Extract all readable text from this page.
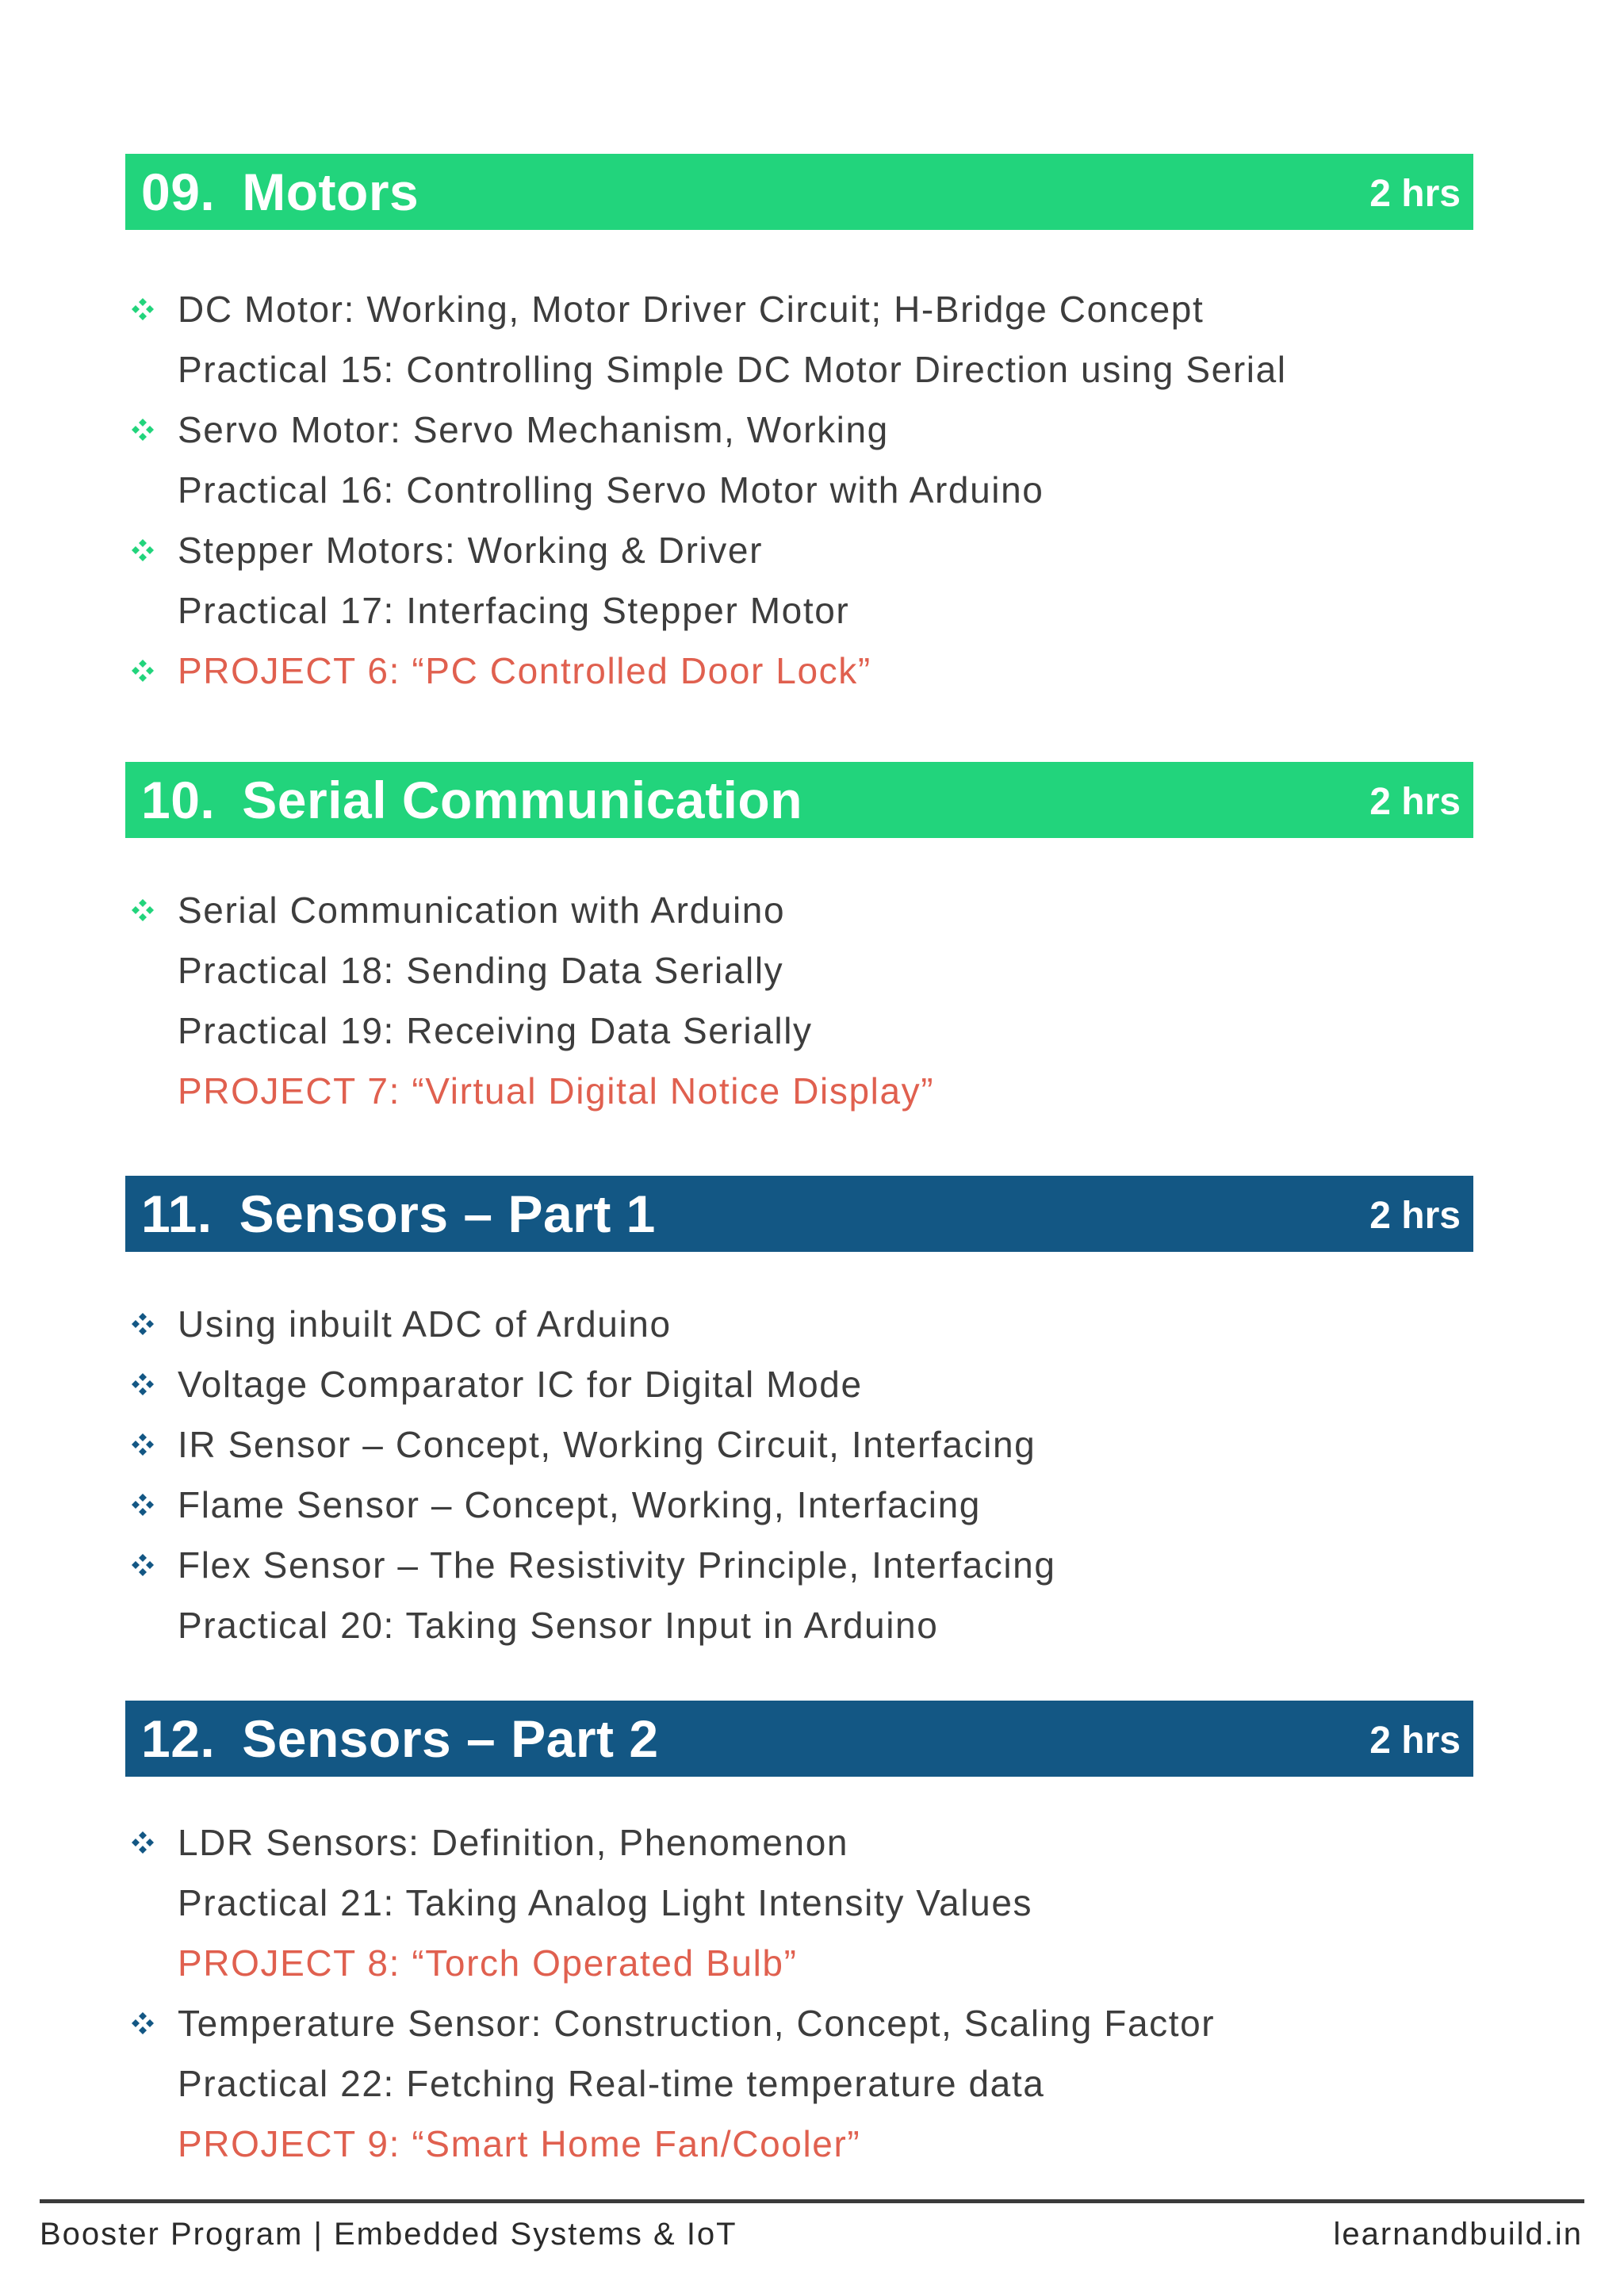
09. Motors	2 hrs
DC Motor: Working, Motor Driver Circuit; H-Bridge Concept
Practical 15: Controlling Simple DC Motor Direction using Serial
Servo Motor: Servo Mechanism, Working
Practical 16: Controlling Servo Motor with Arduino
Stepper Motors: Working & Driver
Practical 17: Interfacing Stepper Motor
PROJECT 6: “PC Controlled Door Lock”
10. Serial Communication	2 hrs
Serial Communication with Arduino
Practical 18: Sending Data Serially
Practical 19: Receiving Data Serially
PROJECT 7: “Virtual Digital Notice Display”
11. Sensors – Part 1	2 hrs
Using inbuilt ADC of Arduino
Voltage Comparator IC for Digital Mode
IR Sensor – Concept, Working Circuit, Interfacing
Flame Sensor – Concept, Working, Interfacing
Flex Sensor – The Resistivity Principle, Interfacing
Practical 20: Taking Sensor Input in Arduino
12. Sensors – Part 2	2 hrs
LDR Sensors: Definition, Phenomenon
Practical 21: Taking Analog Light Intensity Values
PROJECT 8: “Torch Operated Bulb”
Temperature Sensor: Construction, Concept, Scaling Factor
Practical 22: Fetching Real-time temperature data
PROJECT 9: “Smart Home Fan/Cooler”
Booster Program | Embedded Systems & IoT	learnandbuild.in
